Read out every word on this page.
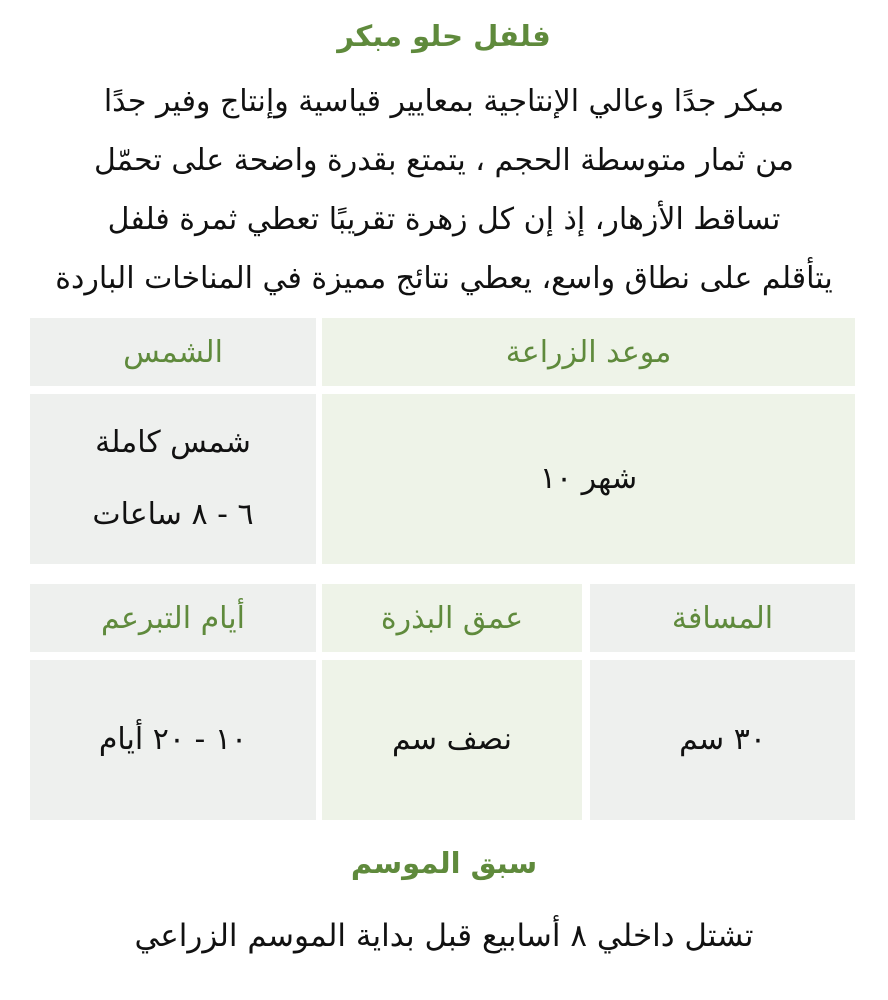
فلفل حلو مبكر

مبكر جدًا وعالي الإنتاجية بمعايير قياسية وإنتاج وفير جدًا
من ثمار متوسطة الحجم ، يتمتع بقدرة واضحة على تحمّل
تساقط الأزهار، إذ إن كل زهرة تقريبًا تعطي ثمرة فلفل
يتأقلم على نطاق واسع، يعطي نتائج مميزة في المناخات الباردة

موعد الزراعة
الشمس
شهر ١٠
شمس كاملة
٦ - ٨ ساعات
المسافة
عمق البذرة
أيام التبرعم
٣٠ سم
نصف سم
١٠ - ٢٠ أيام
سبق الموسم

تشتل داخلي ٨ أسابيع قبل بداية الموسم الزراعي
